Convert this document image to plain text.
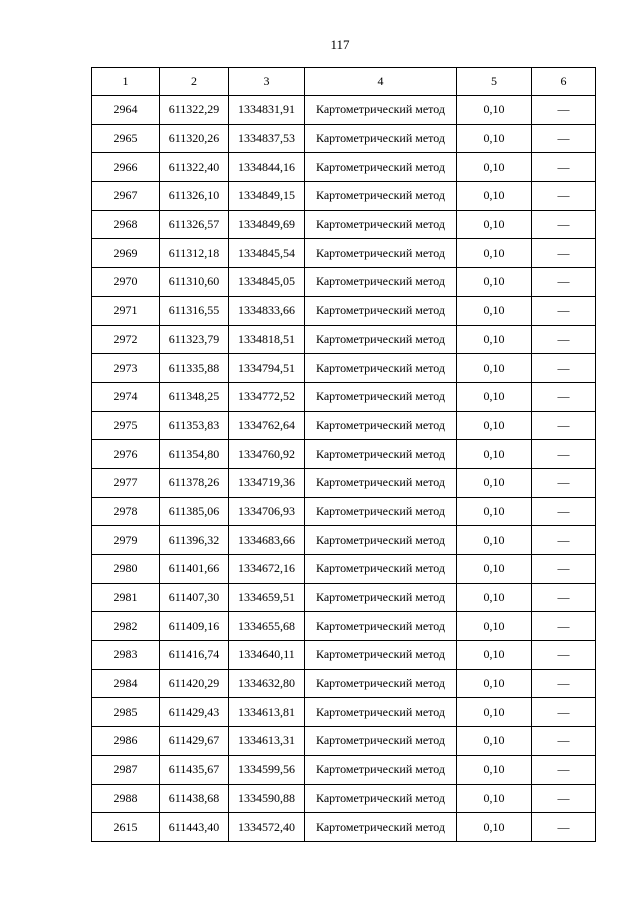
117
1	2	3	4	5	6
2964	611322,29	1334831,91	Картометрический метод	0,10	—
2965	611320,26	1334837,53	Картометрический метод	0,10	—
2966	611322,40	1334844,16	Картометрический метод	0,10	—
2967	611326,10	1334849,15	Картометрический метод	0,10	—
2968	611326,57	1334849,69	Картометрический метод	0,10	—
2969	611312,18	1334845,54	Картометрический метод	0,10	—
2970	611310,60	1334845,05	Картометрический метод	0,10	—
2971	611316,55	1334833,66	Картометрический метод	0,10	—
2972	611323,79	1334818,51	Картометрический метод	0,10	—
2973	611335,88	1334794,51	Картометрический метод	0,10	—
2974	611348,25	1334772,52	Картометрический метод	0,10	—
2975	611353,83	1334762,64	Картометрический метод	0,10	—
2976	611354,80	1334760,92	Картометрический метод	0,10	—
2977	611378,26	1334719,36	Картометрический метод	0,10	—
2978	611385,06	1334706,93	Картометрический метод	0,10	—
2979	611396,32	1334683,66	Картометрический метод	0,10	—
2980	611401,66	1334672,16	Картометрический метод	0,10	—
2981	611407,30	1334659,51	Картометрический метод	0,10	—
2982	611409,16	1334655,68	Картометрический метод	0,10	—
2983	611416,74	1334640,11	Картометрический метод	0,10	—
2984	611420,29	1334632,80	Картометрический метод	0,10	—
2985	611429,43	1334613,81	Картометрический метод	0,10	—
2986	611429,67	1334613,31	Картометрический метод	0,10	—
2987	611435,67	1334599,56	Картометрический метод	0,10	—
2988	611438,68	1334590,88	Картометрический метод	0,10	—
2615	611443,40	1334572,40	Картометрический метод	0,10	—
